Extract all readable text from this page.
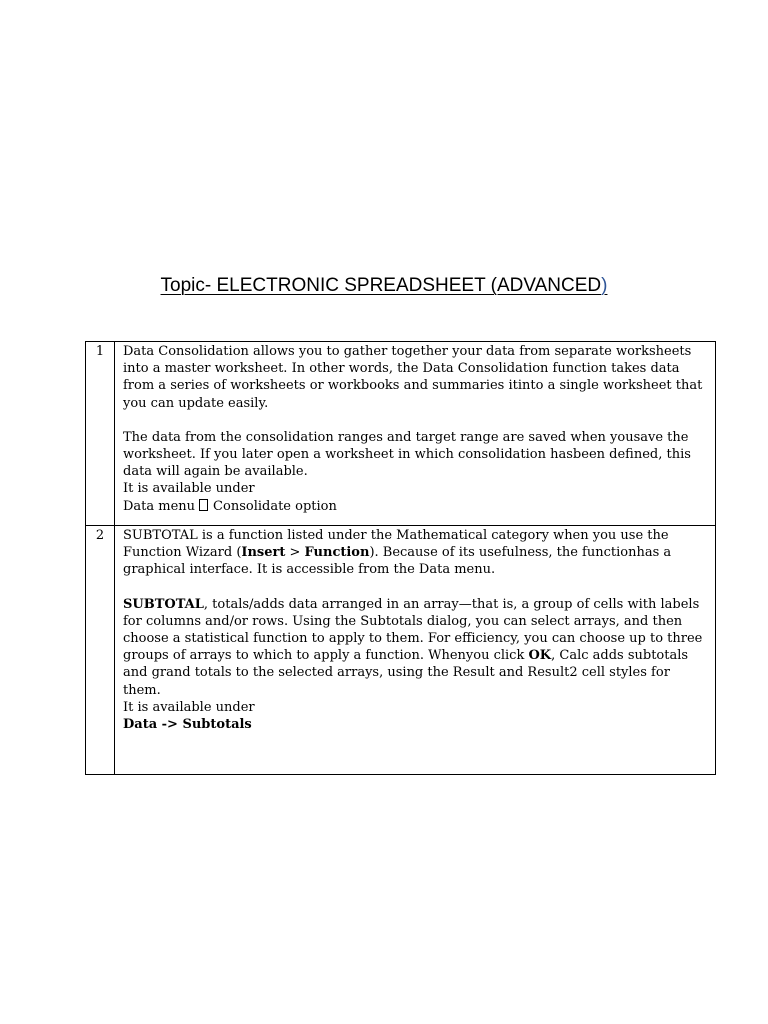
Topic- ELECTRONIC SPREADSHEET (ADVANCED)
1	Data Consolidation allows you to gather together your data from separate worksheets into a master worksheet. In other words, the Data Consolidation function takes data from a series of worksheets or workbooks and summaries itinto a single worksheet that you can update easily.

The data from the consolidation ranges and target range are saved when yousave the worksheet. If you later open a worksheet in which consolidation hasbeen defined, this data will again be available.

It is available under

Data menu Consolidate option

2	SUBTOTAL is a function listed under the Mathematical category when you use the Function Wizard (Insert > Function). Because of its usefulness, the functionhas a graphical interface. It is accessible from the Data menu.

SUBTOTAL, totals/adds data arranged in an array—that is, a group of cells with labels for columns and/or rows. Using the Subtotals dialog, you can select arrays, and then choose a statistical function to apply to them. For efficiency, you can choose up to three groups of arrays to which to apply a function. Whenyou click OK, Calc adds subtotals and grand totals to the selected arrays, using the Result and Result2 cell styles for them.

It is available under

Data -> Subtotals
